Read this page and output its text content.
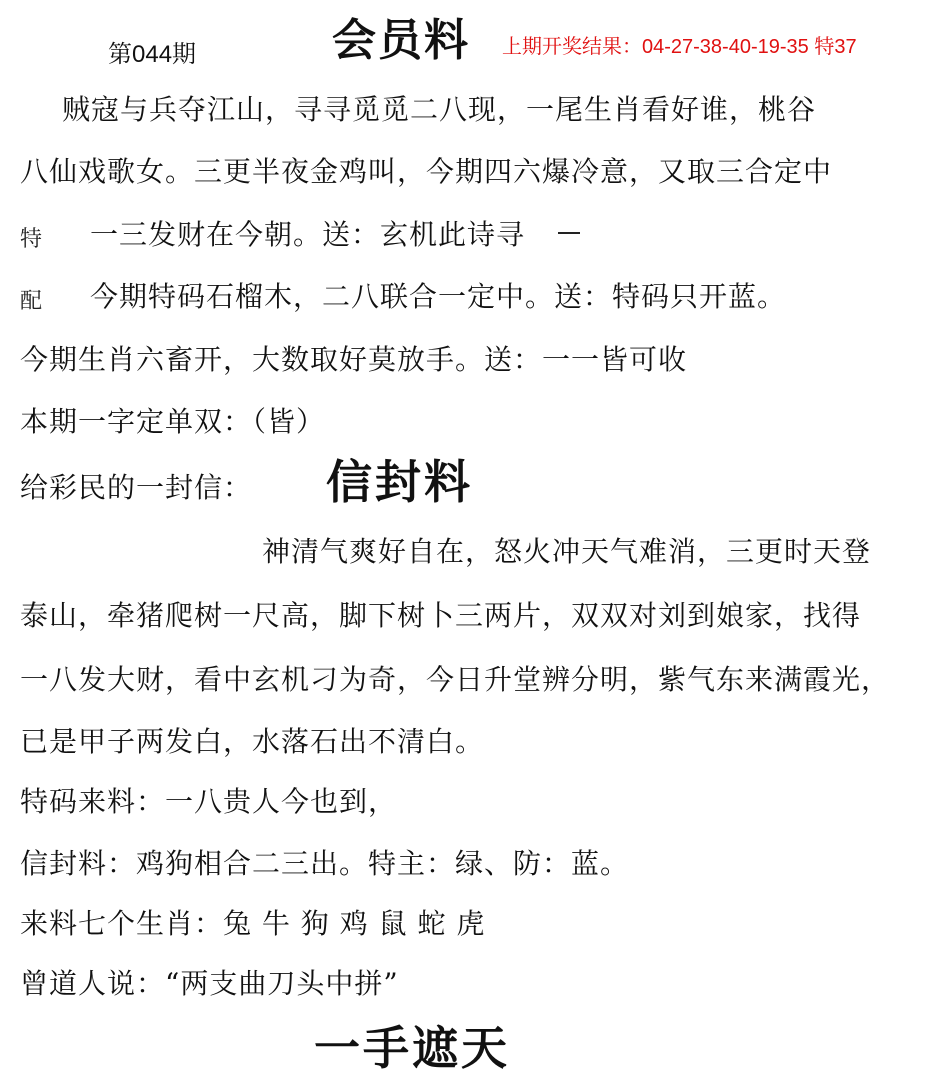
第044期	会员料 上期开奖结果：04-27-38-40-19-35 特37
贼寇与兵夺江山，寻寻觅觅二八现，一尾生肖看好谁，桃谷
八仙戏歌女。三更半夜金鸡叫，今期四六爆冷意，又取三合定中
特 一三发财在今朝。送：玄机此诗寻
配 今期特码石榴木，二八联合一定中。送：特码只开蓝。
今期生肖六畜开，大数取好莫放手。送：一一皆可收
本期一字定单双：（皆）
给彩民的一封信： 信封料
神清气爽好自在，怒火冲天气难消，三更时天登
泰山，牵猪爬树一尺高，脚下树卜三两片，双双对刘到娘家，找得
一八发大财，看中玄机刁为奇，今日升堂辨分明，紫气东来满霞光，
已是甲子两发白，水落石出不清白。
特码来料：一八贵人今也到，
信封料：鸡狗相合二三出。特主：绿、防：蓝。
来料七个生肖：兔 牛 狗 鸡 鼠 蛇 虎
曾道人说：“两支曲刀头中拼”
一手遮天
